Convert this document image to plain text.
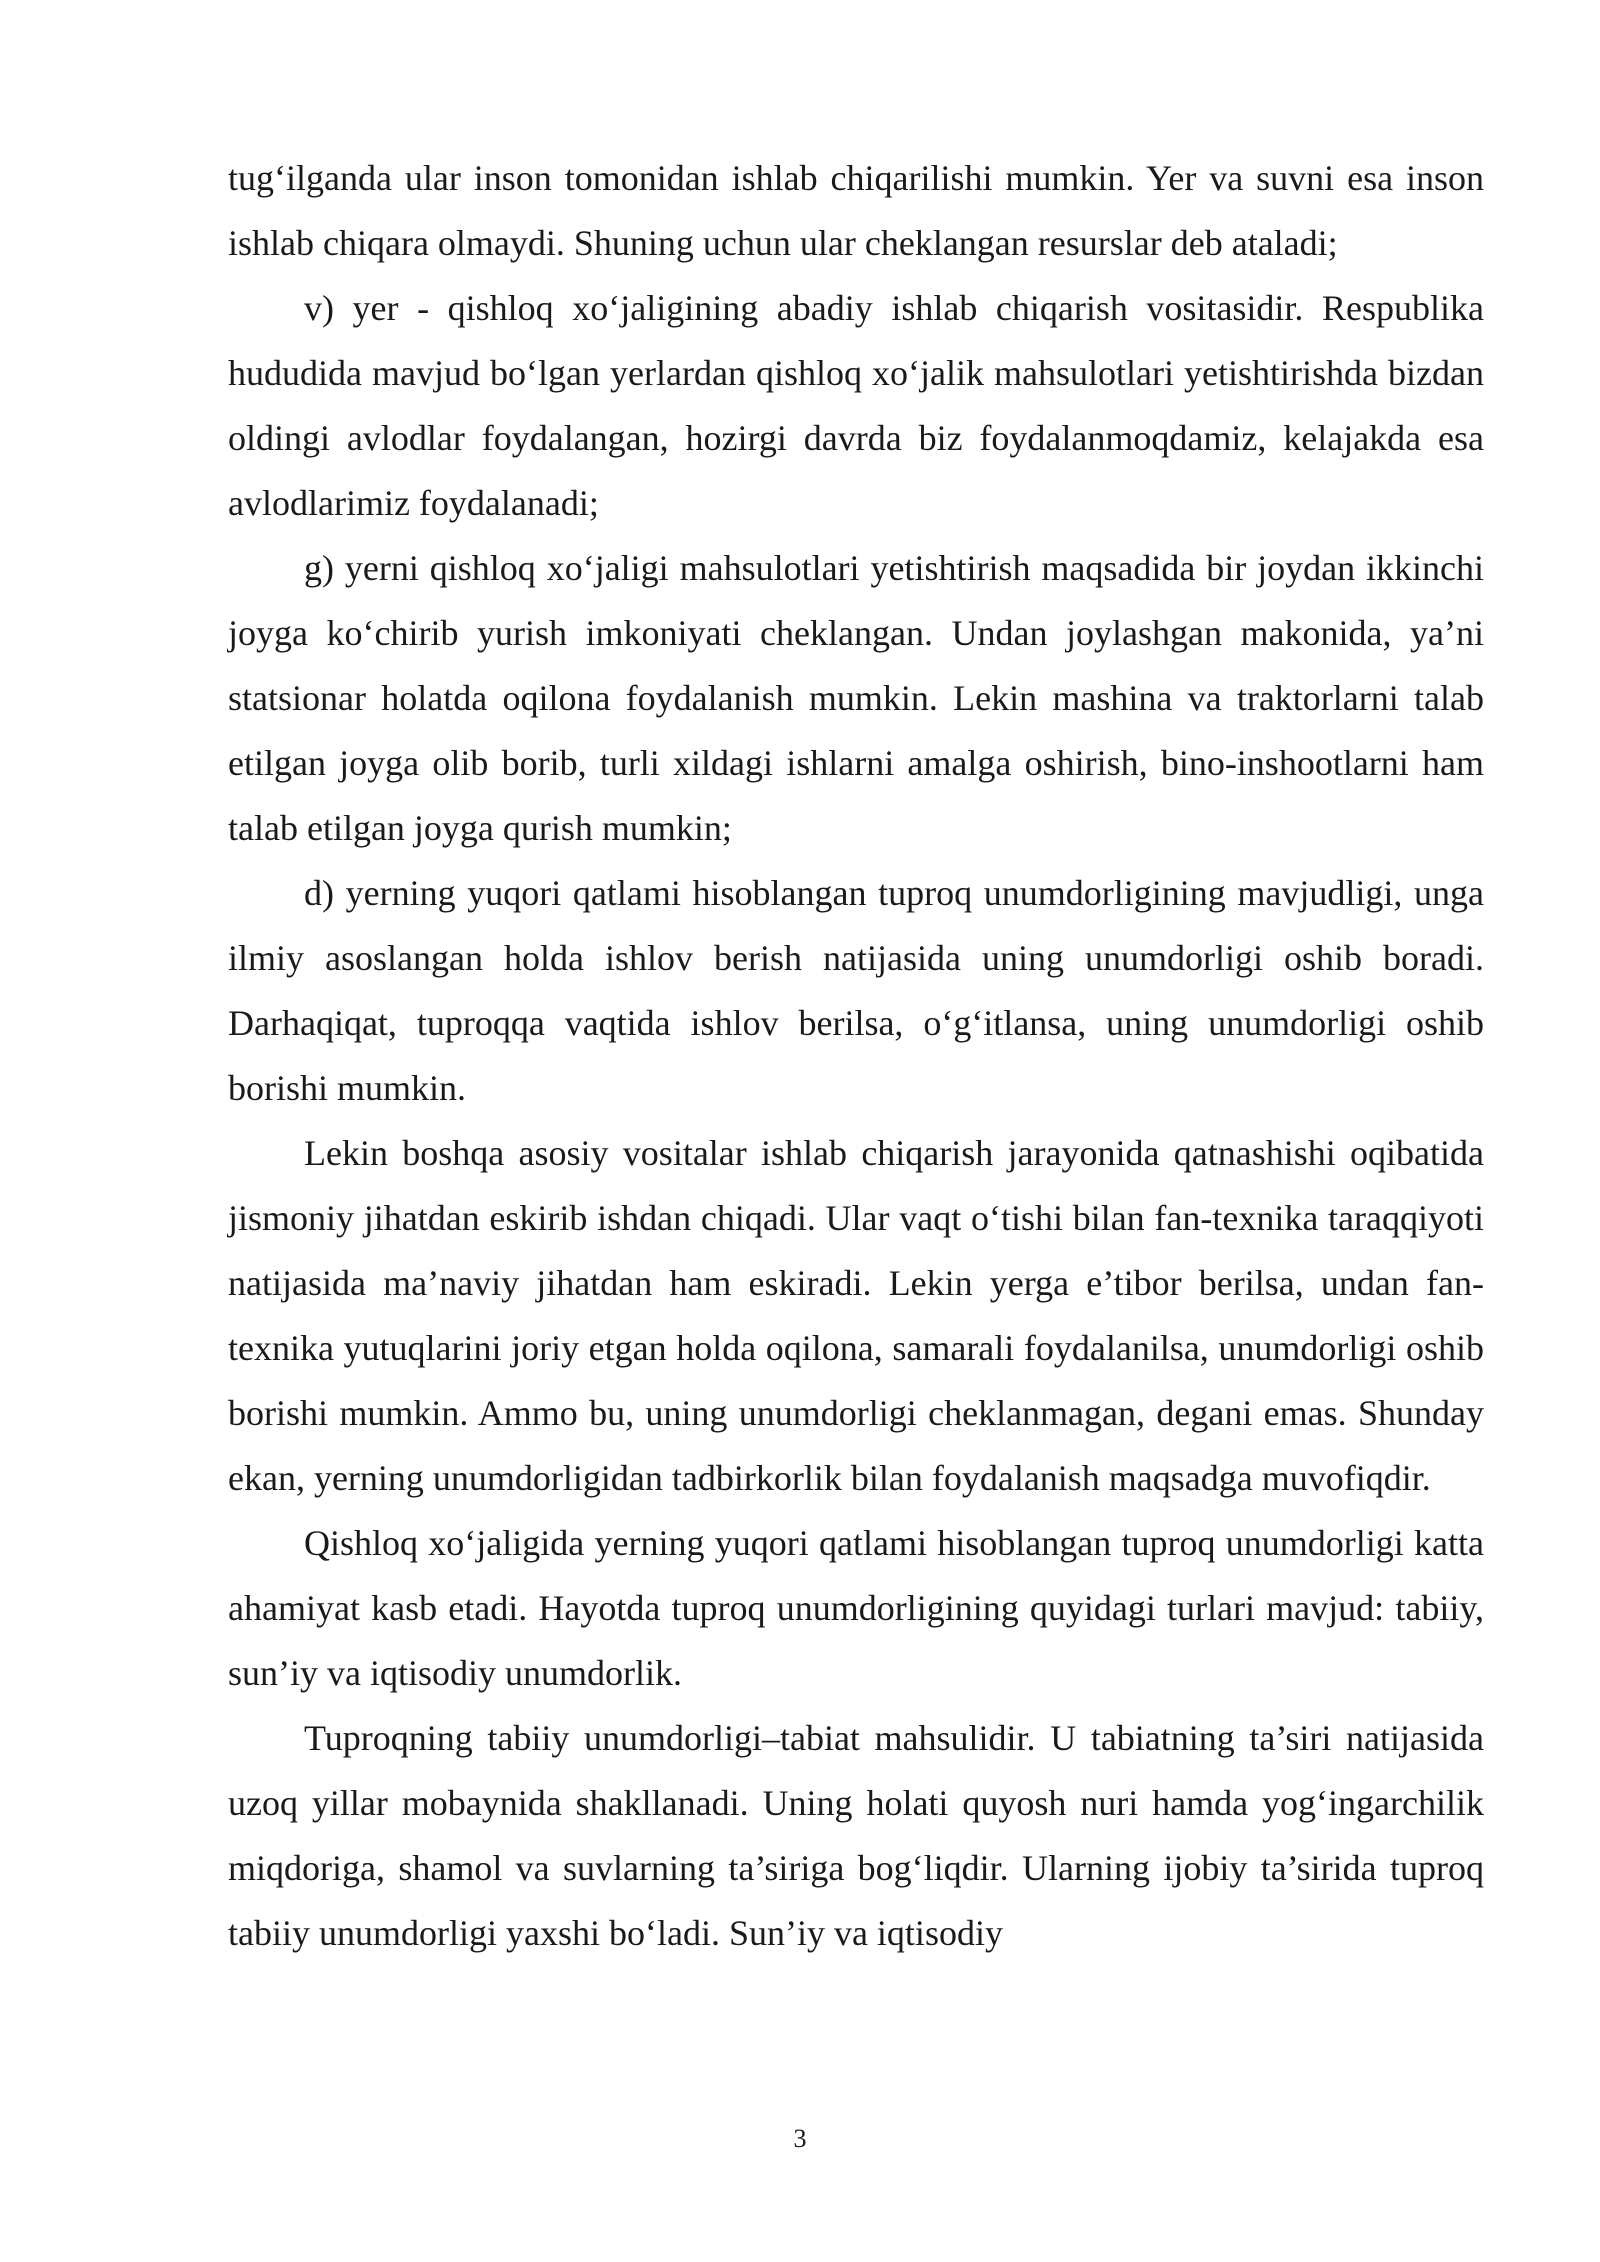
tug‘ilganda ular inson tomonidan ishlab chiqarilishi mumkin. Yer va suvni esa inson ishlab chiqara olmaydi. Shuning uchun ular cheklangan resurslar deb ataladi;

v) yer - qishloq xo‘jaligining abadiy ishlab chiqarish vositasidir. Respublika hududida mavjud bo‘lgan yerlardan qishloq xo‘jalik mahsulotlari yetishtirishda bizdan oldingi avlodlar foydalangan, hozirgi davrda biz foydalanmoqdamiz, kelajakda esa avlodlarimiz foydalanadi;

g) yerni qishloq xo‘jaligi mahsulotlari yetishtirish maqsadida bir joydan ikkinchi joyga ko‘chirib yurish imkoniyati cheklangan. Undan joylashgan makonida, ya’ni statsionar holatda oqilona foydalanish mumkin. Lekin mashina va traktorlarni talab etilgan joyga olib borib, turli xildagi ishlarni amalga oshirish, bino-inshootlarni ham talab etilgan joyga qurish mumkin;

d) yerning yuqori qatlami hisoblangan tuproq unumdorligining mavjudligi, unga ilmiy asoslangan holda ishlov berish natijasida uning unumdorligi oshib boradi. Darhaqiqat, tuproqqa vaqtida ishlov berilsa, o‘g‘itlansa, uning unumdorligi oshib borishi mumkin.

Lekin boshqa asosiy vositalar ishlab chiqarish jarayonida qatnashishi oqibatida jismoniy jihatdan eskirib ishdan chiqadi. Ular vaqt o‘tishi bilan fan-texnika taraqqiyoti natijasida ma’naviy jihatdan ham eskiradi. Lekin yerga e’tibor berilsa, undan fan-texnika yutuqlarini joriy etgan holda oqilona, samarali foydalanilsa, unumdorligi oshib borishi mumkin. Ammo bu, uning unumdorligi cheklanmagan, degani emas. Shunday ekan, yerning unumdorligidan tadbirkorlik bilan foydalanish maqsadga muvofiqdir.

Qishloq xo‘jaligida yerning yuqori qatlami hisoblangan tuproq unumdorligi katta ahamiyat kasb etadi. Hayotda tuproq unumdorligining quyidagi turlari mavjud: tabiiy, sun’iy va iqtisodiy unumdorlik.

Tuproqning tabiiy unumdorligi–tabiat mahsulidir. U tabiatning ta’siri natijasida uzoq yillar mobaynida shakllanadi. Uning holati quyosh nuri hamda yog‘ingarchilik miqdoriga, shamol va suvlarning ta’siriga bog‘liqdir. Ularning ijobiy ta’sirida tuproq tabiiy unumdorligi yaxshi bo‘ladi. Sun’iy va iqtisodiy

3
